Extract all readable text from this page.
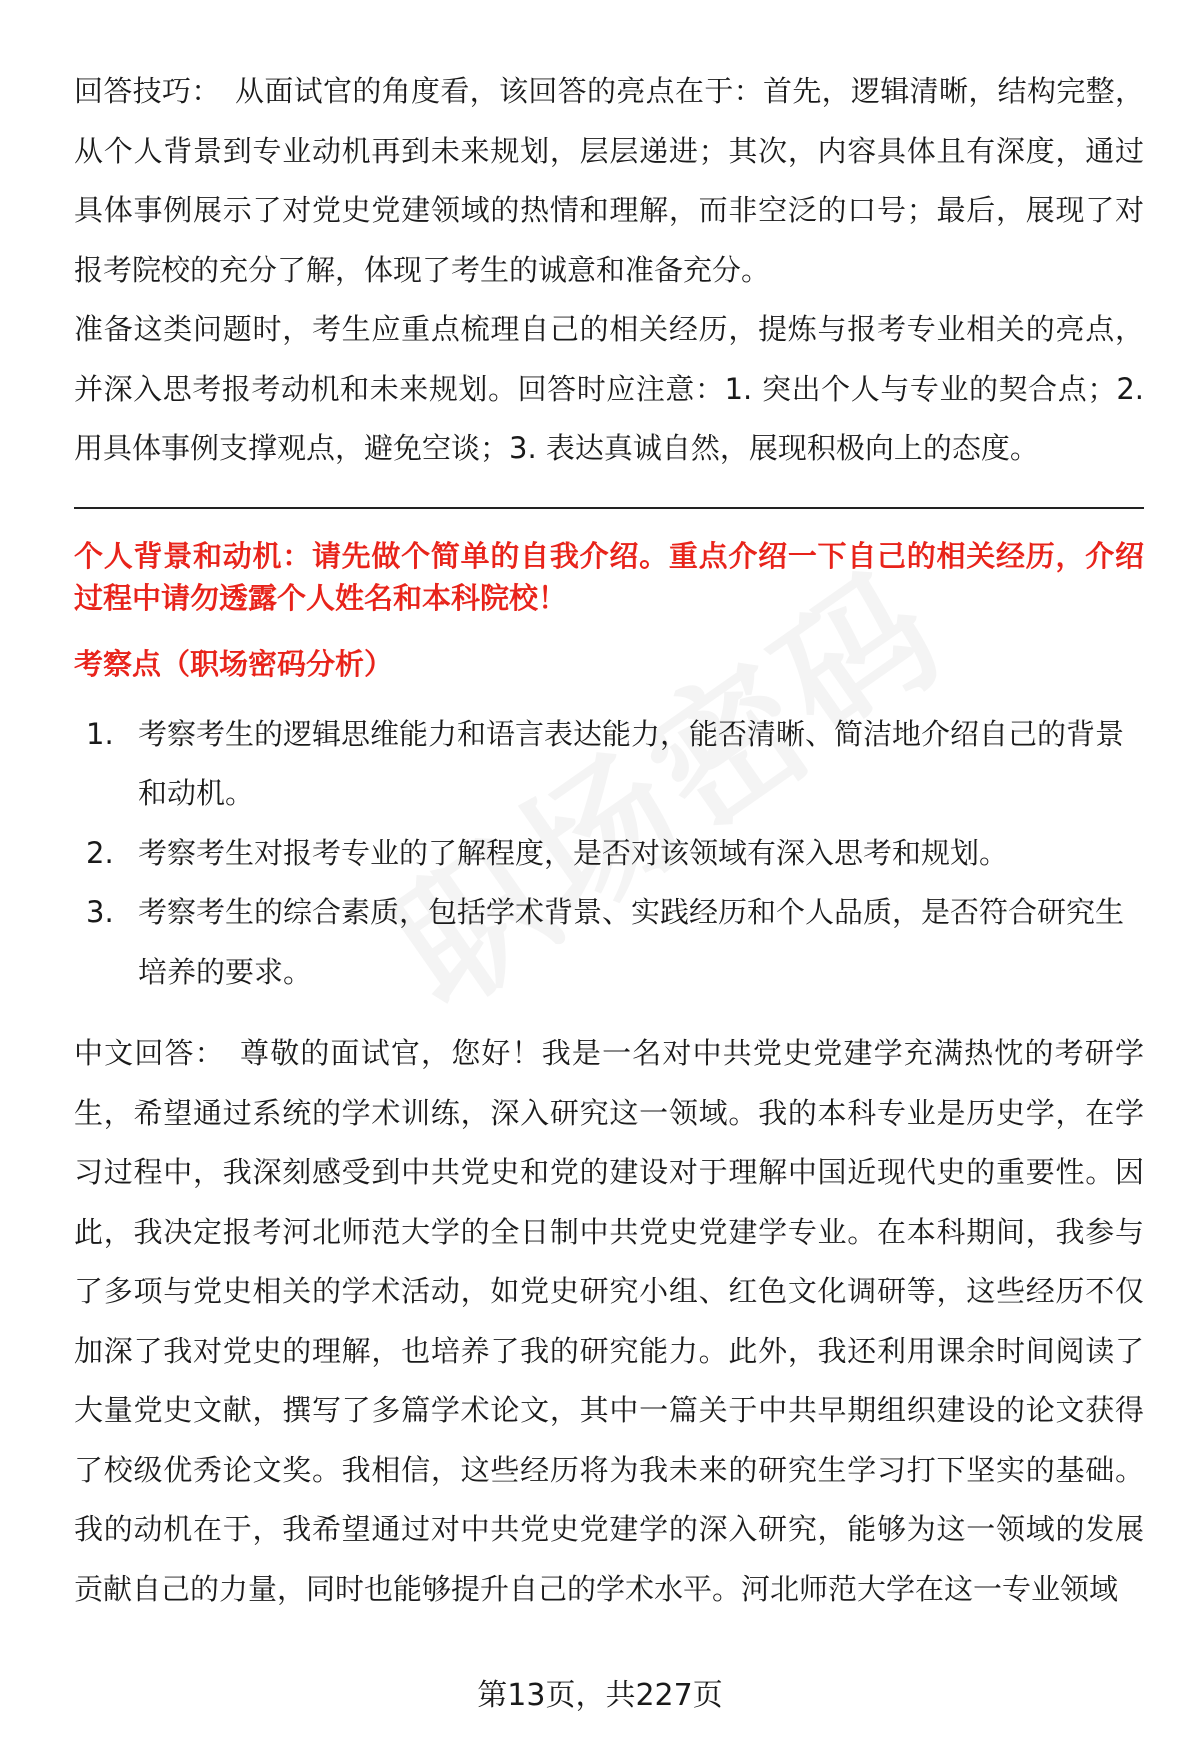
回答技巧： 从面试官的角度看，该回答的亮点在于：首先，逻辑清晰，结构完整，从个人背景到专业动机再到未来规划，层层递进；其次，内容具体且有深度，通过具体事例展示了对党史党建领域的热情和理解，而非空泛的口号；最后，展现了对报考院校的充分了解，体现了考生的诚意和准备充分。

准备这类问题时，考生应重点梳理自己的相关经历，提炼与报考专业相关的亮点，并深入思考报考动机和未来规划。回答时应注意：1. 突出个人与专业的契合点；2. 用具体事例支撑观点，避免空谈；3. 表达真诚自然，展现积极向上的态度。

个人背景和动机：请先做个简单的自我介绍。重点介绍一下自己的相关经历，介绍过程中请勿透露个人姓名和本科院校！

考察点（职场密码分析）

1. 考察考生的逻辑思维能力和语言表达能力，能否清晰、简洁地介绍自己的背景和动机。
2. 考察考生对报考专业的了解程度，是否对该领域有深入思考和规划。
3. 考察考生的综合素质，包括学术背景、实践经历和个人品质，是否符合研究生培养的要求。

中文回答： 尊敬的面试官，您好！我是一名对中共党史党建学充满热忱的考研学生，希望通过系统的学术训练，深入研究这一领域。我的本科专业是历史学，在学习过程中，我深刻感受到中共党史和党的建设对于理解中国近现代史的重要性。因此，我决定报考河北师范大学的全日制中共党史党建学专业。在本科期间，我参与了多项与党史相关的学术活动，如党史研究小组、红色文化调研等，这些经历不仅加深了我对党史的理解，也培养了我的研究能力。此外，我还利用课余时间阅读了大量党史文献，撰写了多篇学术论文，其中一篇关于中共早期组织建设的论文获得了校级优秀论文奖。我相信，这些经历将为我未来的研究生学习打下坚实的基础。我的动机在于，我希望通过对中共党史党建学的深入研究，能够为这一领域的发展贡献自己的力量，同时也能够提升自己的学术水平。河北师范大学在这一专业领域

第13页，共227页
